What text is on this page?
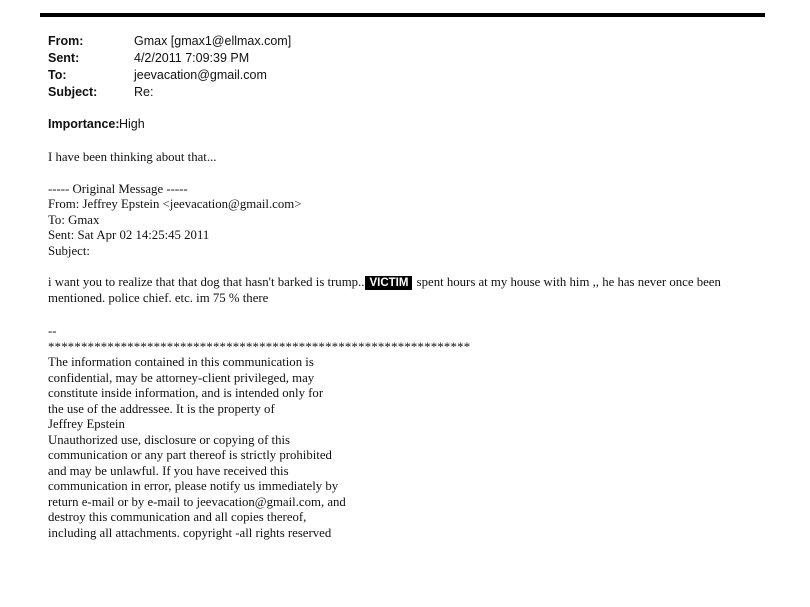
From:	Gmax [gmax1@ellmax.com]
Sent:	4/2/2011 7:09:39 PM
To:	jeevacation@gmail.com
Subject:	Re:
Importance: High
I have been thinking about that...
----- Original Message -----
From: Jeffrey Epstein <jeevacation@gmail.com>
To: Gmax
Sent: Sat Apr 02 14:25:45 2011
Subject:
i want you to realize that that dog that hasn't barked is trump.. VICTIM spent hours at my house with him ,, he has never once been
mentioned. police chief. etc. im 75 % there
--
****************************************************************
The information contained in this communication is
confidential, may be attorney-client privileged, may
constitute inside information, and is intended only for
the use of the addressee. It is the property of
Jeffrey Epstein
Unauthorized use, disclosure or copying of this
communication or any part thereof is strictly prohibited
and may be unlawful. If you have received this
communication in error, please notify us immediately by
return e-mail or by e-mail to jeevacation@gmail.com, and
destroy this communication and all copies thereof,
including all attachments. copyright -all rights reserved
